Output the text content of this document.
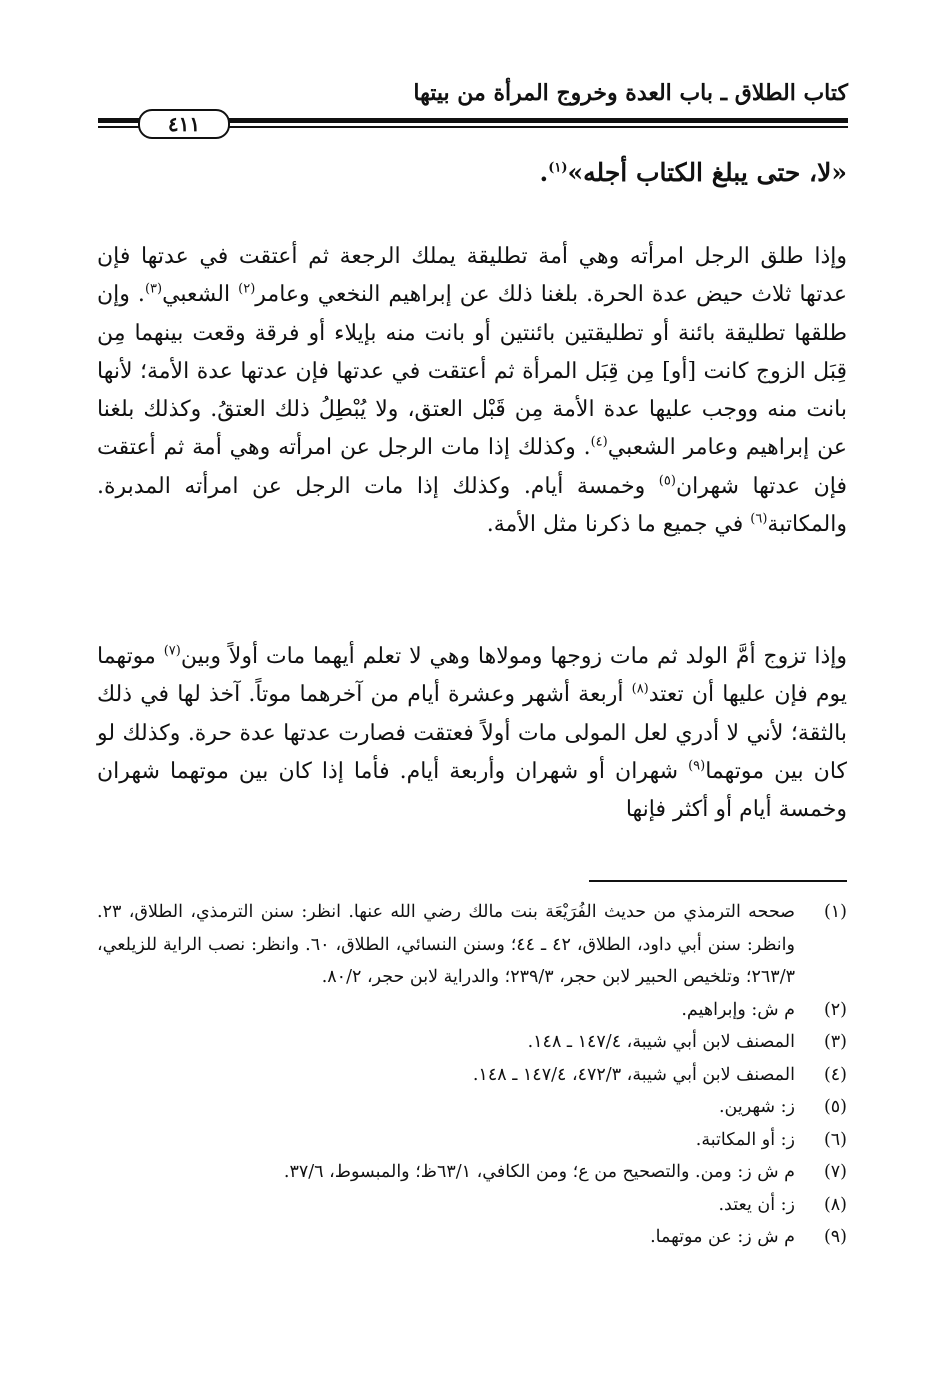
كتاب الطلاق ـ باب العدة وخروج المرأة من بيتها
٤١١
«لا، حتى يبلغ الكتاب أجله»$^{(١)}$.
وإذا طلق الرجل امرأته وهي أمة تطليقة يملك الرجعة ثم أعتقت في عدتها فإن عدتها ثلاث حيض عدة الحرة. بلغنا ذلك عن إبراهيم النخعي وعامر$^{(٢)}$ الشعبي$^{(٣)}$. وإن طلقها تطليقة بائنة أو تطليقتين بائنتين أو بانت منه بإيلاء أو فرقة وقعت بينهما مِن قِبَل الزوج كانت [أو] مِن قِبَل المرأة ثم أعتقت في عدتها فإن عدتها عدة الأمة؛ لأنها بانت منه ووجب عليها عدة الأمة مِن قَبْل العتق، ولا يُبْطِلُ ذلك العتقُ. وكذلك بلغنا عن إبراهيم وعامر الشعبي$^{(٤)}$. وكذلك إذا مات الرجل عن امرأته وهي أمة ثم أعتقت فإن عدتها شهران$^{(٥)}$ وخمسة أيام. وكذلك إذا مات الرجل عن امرأته المدبرة. والمكاتبة$^{(٦)}$ في جميع ما ذكرنا مثل الأمة.
وإذا تزوج أمَّ الولد ثم مات زوجها ومولاها وهي لا تعلم أيهما مات أولاً وبين$^{(٧)}$ موتهما يوم فإن عليها أن تعتد$^{(٨)}$ أربعة أشهر وعشرة أيام من آخرهما موتاً. آخذ لها في ذلك بالثقة؛ لأني لا أدري لعل المولى مات أولاً فعتقت فصارت عدتها عدة حرة. وكذلك لو كان بين موتهما$^{(٩)}$ شهران أو شهران وأربعة أيام. فأما إذا كان بين موتهما شهران وخمسة أيام أو أكثر فإنها
(١)
صححه الترمذي من حديث الفُرَيْعَة بنت مالك رضي الله عنها. انظر: سنن الترمذي، الطلاق، ٢٣. وانظر: سنن أبي داود، الطلاق، ٤٢ ـ ٤٤؛ وسنن النسائي، الطلاق، ٦٠. وانظر: نصب الراية للزيلعي، ٢٦٣/٣؛ وتلخيص الحبير لابن حجر، ٢٣٩/٣؛ والدراية لابن حجر، ٨٠/٢.
(٢)
م ش: وإبراهيم.
(٣)
المصنف لابن أبي شيبة، ١٤٧/٤ ـ ١٤٨.
(٤)
المصنف لابن أبي شيبة، ٤٧٢/٣، ١٤٧/٤ ـ ١٤٨.
(٥)
ز: شهرين.
(٦)
ز: أو المكاتبة.
(٧)
م ش ز: ومن. والتصحيح من ع؛ ومن الكافي، ٦٣/١ظ؛ والمبسوط، ٣٧/٦.
(٨)
ز: أن يعتد.
(٩)
م ش ز: عن موتهما.
